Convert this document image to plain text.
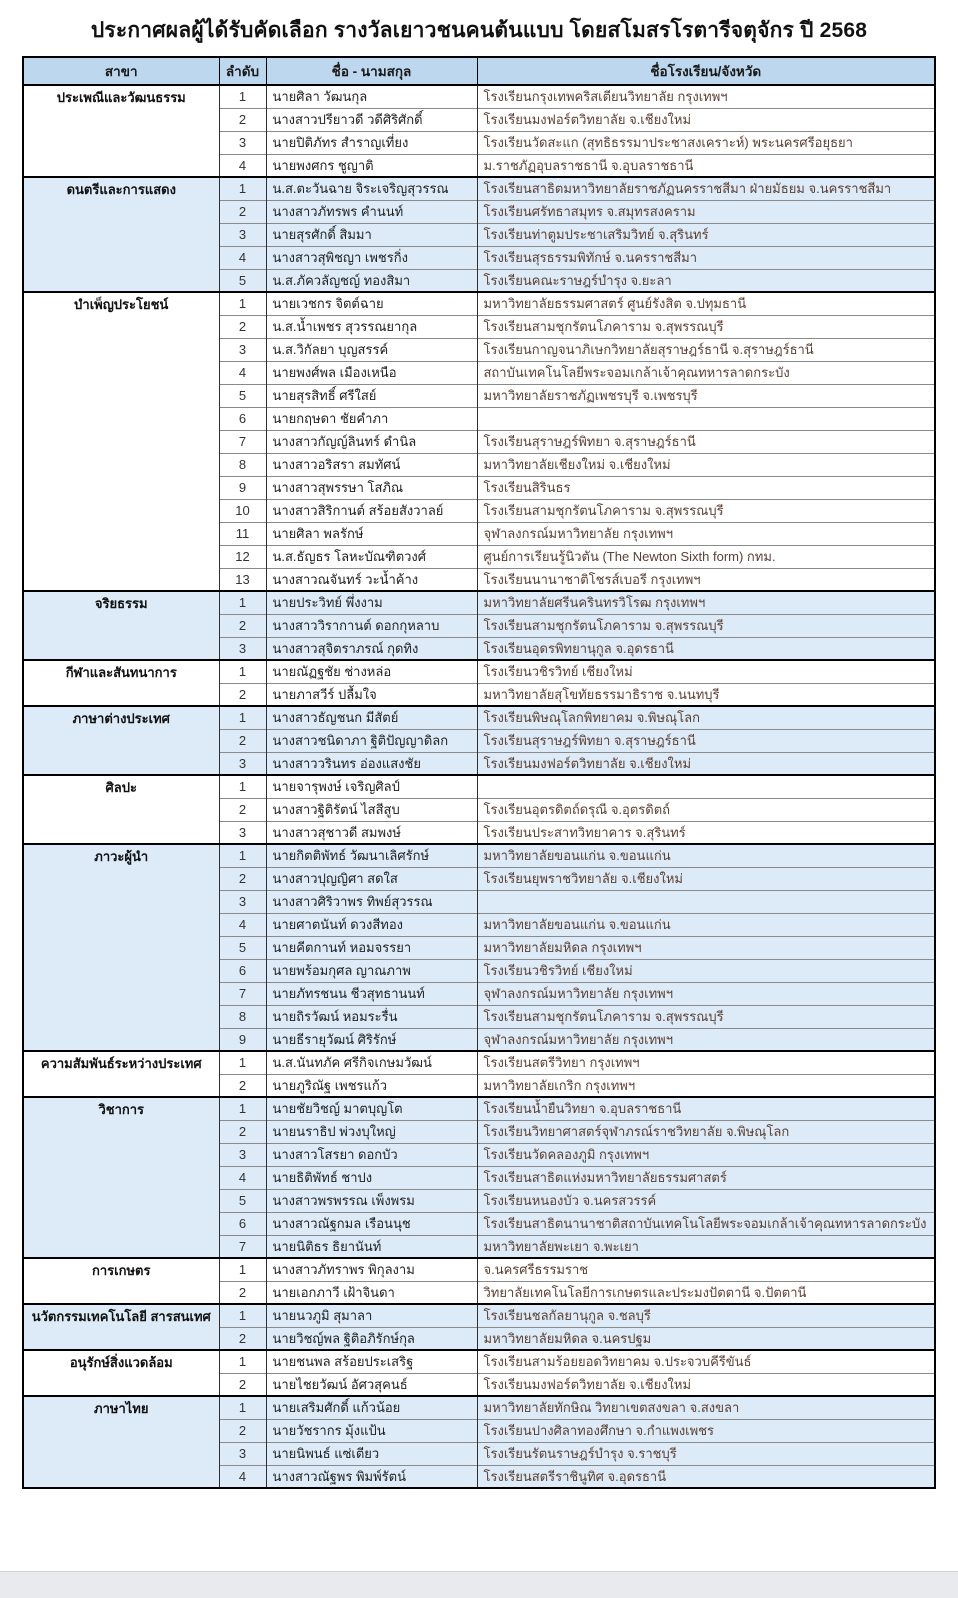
ประกาศผลผู้ได้รับคัดเลือก รางวัลเยาวชนคนต้นแบบ โดยสโมสรโรตารีจตุจักร ปี 2568
สาขา	ลำดับ	ชื่อ - นามสกุล	ชื่อโรงเรียน/จังหวัด
ประเพณีและวัฒนธรรม	1	นายศิลา วัฒนกุล	โรงเรียนกรุงเทพคริสเตียนวิทยาลัย กรุงเทพฯ
	2	นางสาวปรียาวดี วดีศิริศักดิ์	โรงเรียนมงฟอร์ตวิทยาลัย จ.เชียงใหม่
	3	นายปิติภัทร สำราญเที่ยง	โรงเรียนวัดสะแก (สุทธิธรรมาประชาสงเคราะห์) พระนครศรีอยุธยา
	4	นายพงศกร ชูญาติ	ม.ราชภัฏอุบลราชธานี จ.อุบลราชธานี
ดนตรีและการแสดง	1	น.ส.ตะวันฉาย จิระเจริญสุวรรณ	โรงเรียนสาธิตมหาวิทยาลัยราชภัฏนครราชสีมา ฝ่ายมัธยม จ.นครราชสีมา
	2	นางสาวภัทรพร คำนนท์	โรงเรียนศรัทธาสมุทร จ.สมุทรสงคราม
	3	นายสุรศักดิ์ สิมมา	โรงเรียนท่าตูมประชาเสริมวิทย์ จ.สุรินทร์
	4	นางสาวสุพิชญา เพชรกิ่ง	โรงเรียนสุรธรรมพิทักษ์ จ.นครราชสีมา
	5	น.ส.ภัควลัญชญ์ ทองสิมา	โรงเรียนคณะราษฎร์บำรุง จ.ยะลา
บำเพ็ญประโยชน์	1	นายเวชกร จิตต์ฉาย	มหาวิทยาลัยธรรมศาสตร์ ศูนย์รังสิต จ.ปทุมธานี
	2	น.ส.น้ำเพชร สุวรรณยากุล	โรงเรียนสามชุกรัตนโภคาราม จ.สุพรรณบุรี
	3	น.ส.วิกัลยา บุญสรรค์	โรงเรียนกาญจนาภิเษกวิทยาลัยสุราษฎร์ธานี จ.สุราษฎร์ธานี
	4	นายพงศ์พล เมืองเหนือ	สถาบันเทคโนโลยีพระจอมเกล้าเจ้าคุณทหารลาดกระบัง
	5	นายสุรสิทธิ์ ศรีใสย์	มหาวิทยาลัยราชภัฏเพชรบุรี จ.เพชรบุรี
	6	นายกฤษดา ชัยคำภา	
	7	นางสาวกัญญ์ลินทร์ ดำนิล	โรงเรียนสุราษฎร์พิทยา จ.สุราษฎร์ธานี
	8	นางสาวอริสรา สมทัศน์	มหาวิทยาลัยเชียงใหม่ จ.เชียงใหม่
	9	นางสาวสุพรรษา โสภิณ	โรงเรียนสิรินธร
	10	นางสาวสิริกานต์ สร้อยสังวาลย์	โรงเรียนสามชุกรัตนโภคาราม จ.สุพรรณบุรี
	11	นายศิลา พลรักษ์	จุฬาลงกรณ์มหาวิทยาลัย กรุงเทพฯ
	12	น.ส.ธัญธร โลหะบัณฑิตวงศ์	ศูนย์การเรียนรู้นิวตัน (The Newton Sixth form) กทม.
	13	นางสาวณจันทร์ วะน้ำค้าง	โรงเรียนนานาชาติโชรส์เบอรี กรุงเทพฯ
จริยธรรม	1	นายประวิทย์ พึ่งงาม	มหาวิทยาลัยศรีนครินทรวิโรฒ กรุงเทพฯ
	2	นางสาววิรากานต์ ดอกกุหลาบ	โรงเรียนสามชุกรัตนโภคาราม จ.สุพรรณบุรี
	3	นางสาวสุจิตราภรณ์ กุดทิง	โรงเรียนอุดรพิทยานุกูล จ.อุดรธานี
กีฬาและสันทนาการ	1	นายณัฏฐชัย ช่างหล่อ	โรงเรียนวชิรวิทย์ เชียงใหม่
	2	นายภาสวีร์ ปลื้มใจ	มหาวิทยาลัยสุโขทัยธรรมาธิราช จ.นนทบุรี
ภาษาต่างประเทศ	1	นางสาวธัญชนก มีสัตย์	โรงเรียนพิษณุโลกพิทยาคม จ.พิษณุโลก
	2	นางสาวชนิดาภา ฐิติปัญญาดิลก	โรงเรียนสุราษฎร์พิทยา จ.สุราษฎร์ธานี
	3	นางสาววรินทร อ่องแสงชัย	โรงเรียนมงฟอร์ตวิทยาลัย จ.เชียงใหม่
ศิลปะ	1	นายจารุพงษ์ เจริญศิลป์	
	2	นางสาวฐิติรัตน์ ไสสีสูบ	โรงเรียนอุตรดิตถ์ดรุณี จ.อุตรดิตถ์
	3	นางสาวสุชาวดี สมพงษ์	โรงเรียนประสาทวิทยาคาร จ.สุรินทร์
ภาวะผู้นำ	1	นายกิตติพัทธ์ วัฒนาเลิศรักษ์	มหาวิทยาลัยขอนแก่น จ.ขอนแก่น
	2	นางสาวปุญญิศา สดใส	โรงเรียนยุพราชวิทยาลัย จ.เชียงใหม่
	3	นางสาวศิริวาพร ทิพย์สุวรรณ	
	4	นายศาตนันท์ ดวงสีทอง	มหาวิทยาลัยขอนแก่น จ.ขอนแก่น
	5	นายคีตกานท์ หอมจรรยา	มหาวิทยาลัยมหิดล กรุงเทพฯ
	6	นายพร้อมกุศล ญาณภาพ	โรงเรียนวชิรวิทย์ เชียงใหม่
	7	นายภัทรชนน ชีวสุทธานนท์	จุฬาลงกรณ์มหาวิทยาลัย กรุงเทพฯ
	8	นายถิรวัฒน์ หอมระรื่น	โรงเรียนสามชุกรัตนโภคาราม จ.สุพรรณบุรี
	9	นายธีรายุวัฒน์ ศิริรักษ์	จุฬาลงกรณ์มหาวิทยาลัย กรุงเทพฯ
ความสัมพันธ์ระหว่างประเทศ	1	น.ส.นันทภัค ศรีกิจเกษมวัฒน์	โรงเรียนสตรีวิทยา กรุงเทพฯ
	2	นายภูริณัฐ เพชรแก้ว	มหาวิทยาลัยเกริก กรุงเทพฯ
วิชาการ	1	นายชัยวิชญ์ มาตบุญโต	โรงเรียนน้ำยืนวิทยา จ.อุบลราชธานี
	2	นายนราธิป พ่วงบุใหญ่	โรงเรียนวิทยาศาสตร์จุฬาภรณ์ราชวิทยาลัย จ.พิษณุโลก
	3	นางสาวโสรยา ดอกบัว	โรงเรียนวัดคลองภูมิ กรุงเทพฯ
	4	นายธิติพัทธ์ ชาปง	โรงเรียนสาธิตแห่งมหาวิทยาลัยธรรมศาสตร์
	5	นางสาวพรพรรณ เพ็งพรม	โรงเรียนหนองบัว จ.นครสวรรค์
	6	นางสาวณัฐกมล เรือนนุช	โรงเรียนสาธิตนานาชาติสถาบันเทคโนโลยีพระจอมเกล้าเจ้าคุณทหารลาดกระบัง
	7	นายนิติธร ธิยานันท์	มหาวิทยาลัยพะเยา จ.พะเยา
การเกษตร	1	นางสาวภัทราพร พิกุลงาม	จ.นครศรีธรรมราช
	2	นายเอกภาวี เฝ้าจินดา	วิทยาลัยเทคโนโลยีการเกษตรและประมงปัตตานี จ.ปัตตานี
นวัตกรรมเทคโนโลยี สารสนเทศ	1	นายนวภูมิ สุมาลา	โรงเรียนชลกัลยานุกูล จ.ชลบุรี
	2	นายวิชญ์พล ฐิติอภิรักษ์กุล	มหาวิทยาลัยมหิดล จ.นครปฐม
อนุรักษ์สิ่งแวดล้อม	1	นายชนพล สร้อยประเสริฐ	โรงเรียนสามร้อยยอดวิทยาคม จ.ประจวบคีรีขันธ์
	2	นายไชยวัฒน์ อัศวสุคนธ์	โรงเรียนมงฟอร์ตวิทยาลัย จ.เชียงใหม่
ภาษาไทย	1	นายเสริมศักดิ์ แก้วน้อย	มหาวิทยาลัยทักษิณ วิทยาเขตสงขลา จ.สงขลา
	2	นายวัชรากร มุ้งแป้น	โรงเรียนปางศิลาทองศึกษา จ.กำแพงเพชร
	3	นายนิพนธ์ แซ่เตียว	โรงเรียนรัตนราษฎร์บำรุง จ.ราชบุรี
	4	นางสาวณัฐพร พิมพ์รัตน์	โรงเรียนสตรีราชินูทิศ จ.อุดรธานี
